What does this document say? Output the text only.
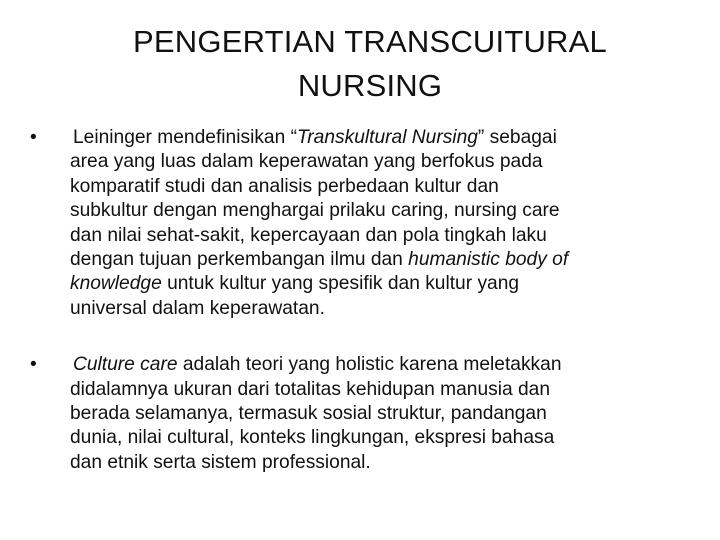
PENGERTIAN TRANSCUITURAL
NURSING
•	Leininger mendefinisikan “Transkultural Nursing” sebagai
area yang luas dalam keperawatan yang berfokus pada
komparatif studi dan analisis perbedaan kultur dan
subkultur dengan menghargai prilaku caring, nursing care
dan nilai sehat-sakit, kepercayaan dan pola tingkah laku
dengan tujuan perkembangan ilmu dan humanistic body of
knowledge untuk kultur yang spesifik dan kultur yang
universal dalam keperawatan.
•	Culture care adalah teori yang holistic karena meletakkan
didalamnya ukuran dari totalitas kehidupan manusia dan
berada selamanya, termasuk sosial struktur, pandangan
dunia, nilai cultural, konteks lingkungan, ekspresi bahasa
dan etnik serta sistem professional.
